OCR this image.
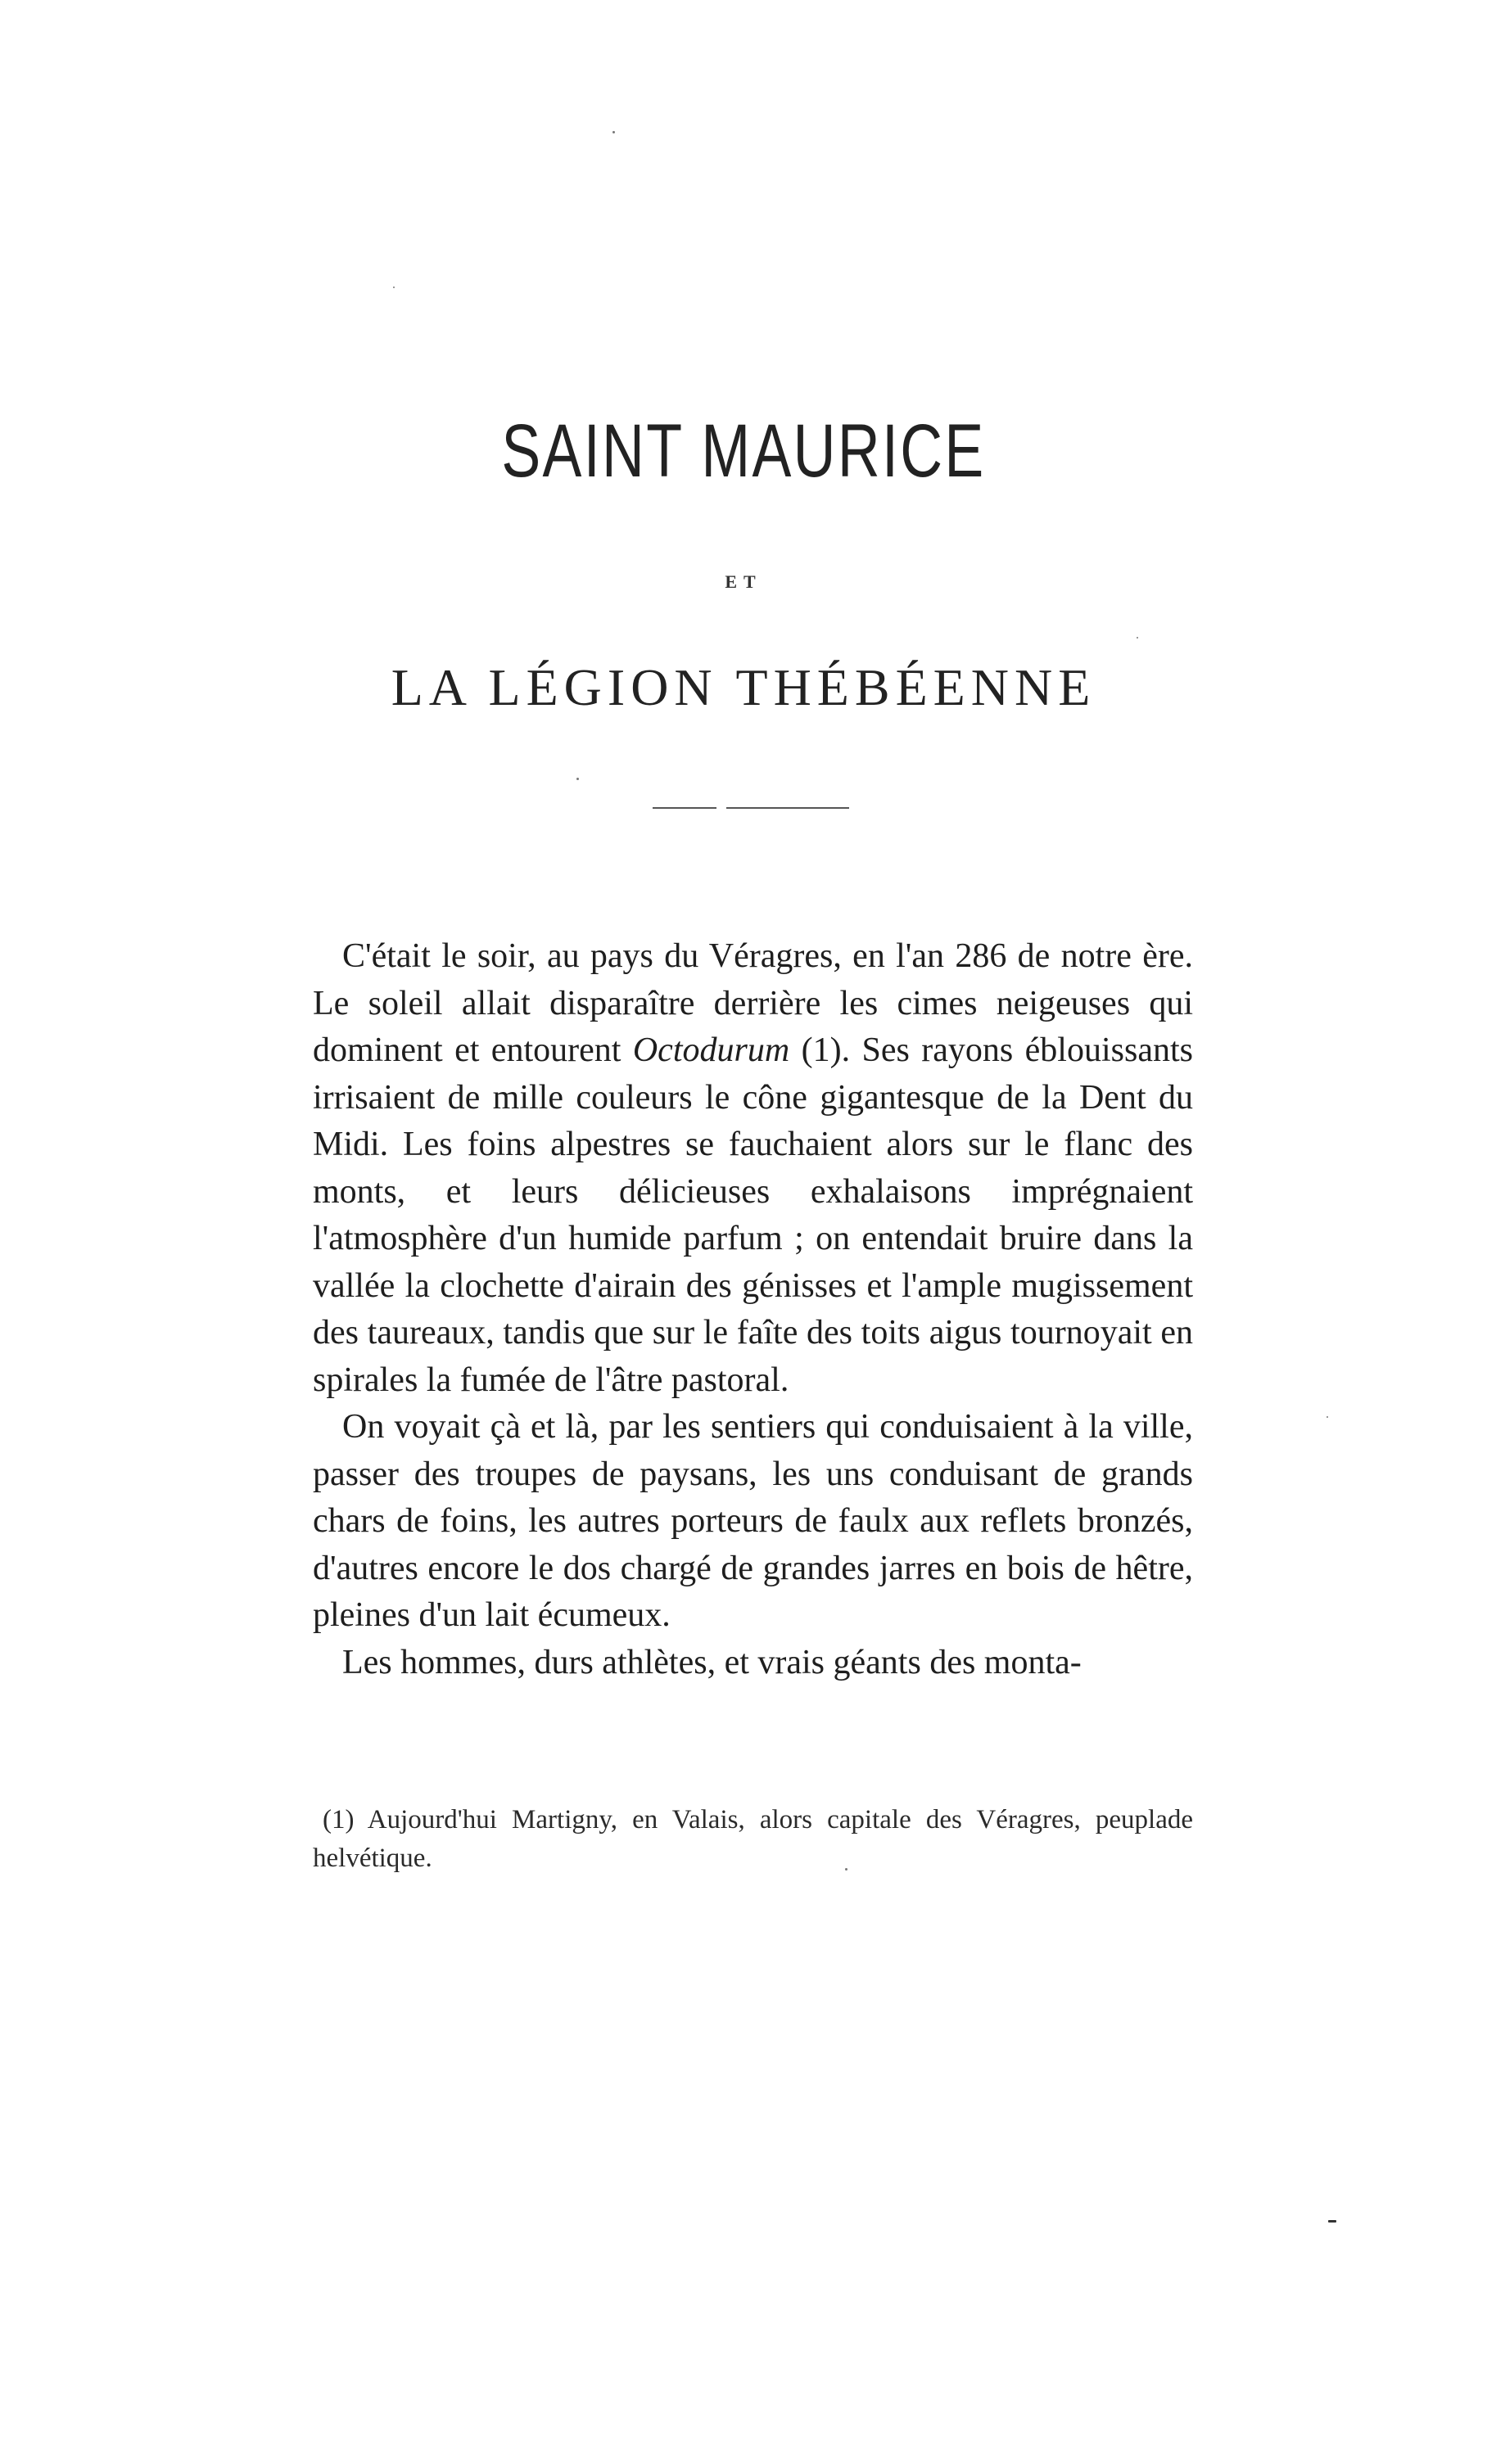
SAINT MAURICE
ET
LA LÉGION THÉBÉENNE

C'était le soir, au pays du Véragres, en l'an 286 de notre ère. Le soleil allait disparaître derrière les cimes neigeuses qui dominent et entourent Octodurum (1). Ses rayons éblouissants irrisaient de mille couleurs le cône gigantesque de la Dent du Midi. Les foins alpestres se fauchaient alors sur le flanc des monts, et leurs délicieuses exhalaisons imprégnaient l'atmosphère d'un humide parfum ; on entendait bruire dans la vallée la clochette d'airain des génisses et l'ample mugissement des taureaux, tandis que sur le faîte des toits aigus tournoyait en spirales la fumée de l'âtre pastoral.

On voyait çà et là, par les sentiers qui conduisaient à la ville, passer des troupes de paysans, les uns conduisant de grands chars de foins, les autres porteurs de faulx aux reflets bronzés, d'autres encore le dos chargé de grandes jarres en bois de hêtre, pleines d'un lait écumeux.

Les hommes, durs athlètes, et vrais géants des monta-

(1) Aujourd'hui Martigny, en Valais, alors capitale des Véragres, peuplade helvétique.
